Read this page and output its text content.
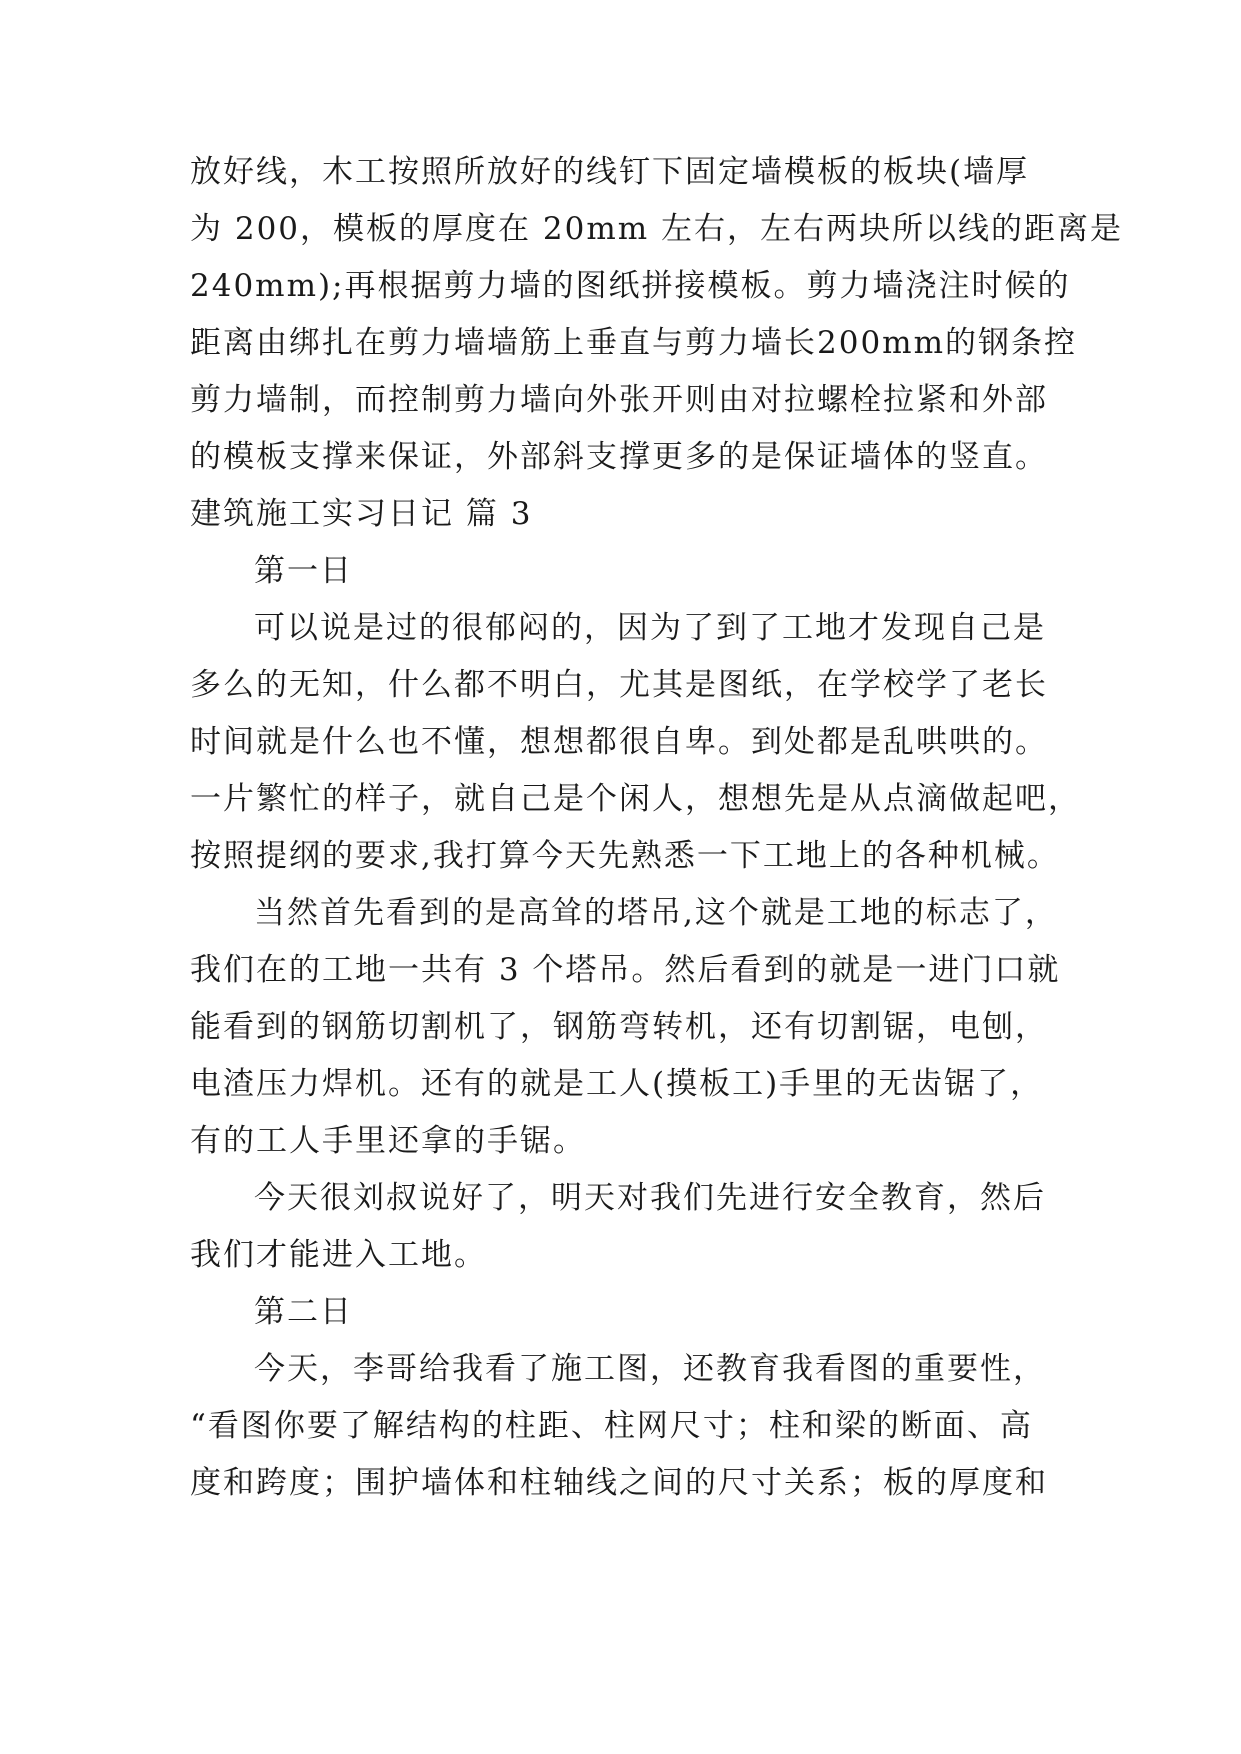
放好线，木工按照所放好的线钉下固定墙模板的板块(墙厚
为 200，模板的厚度在 20mm 左右，左右两块所以线的距离是
240mm);再根据剪力墙的图纸拼接模板。剪力墙浇注时候的
距离由绑扎在剪力墙墙筋上垂直与剪力墙长200mm的钢条控
剪力墙制，而控制剪力墙向外张开则由对拉螺栓拉紧和外部
的模板支撑来保证，外部斜支撑更多的是保证墙体的竖直。
建筑施工实习日记 篇 3
第一日
可以说是过的很郁闷的，因为了到了工地才发现自己是
多么的无知，什么都不明白，尤其是图纸，在学校学了老长
时间就是什么也不懂，想想都很自卑。到处都是乱哄哄的。
一片繁忙的样子，就自己是个闲人，想想先是从点滴做起吧，
按照提纲的要求,我打算今天先熟悉一下工地上的各种机械。
当然首先看到的是高耸的塔吊,这个就是工地的标志了，
我们在的工地一共有 3 个塔吊。然后看到的就是一进门口就
能看到的钢筋切割机了，钢筋弯转机，还有切割锯，电刨，
电渣压力焊机。还有的就是工人(摸板工)手里的无齿锯了，
有的工人手里还拿的手锯。
今天很刘叔说好了，明天对我们先进行安全教育，然后
我们才能进入工地。
第二日
今天，李哥给我看了施工图，还教育我看图的重要性，
“看图你要了解结构的柱距、柱网尺寸；柱和梁的断面、高
度和跨度；围护墙体和柱轴线之间的尺寸关系；板的厚度和
